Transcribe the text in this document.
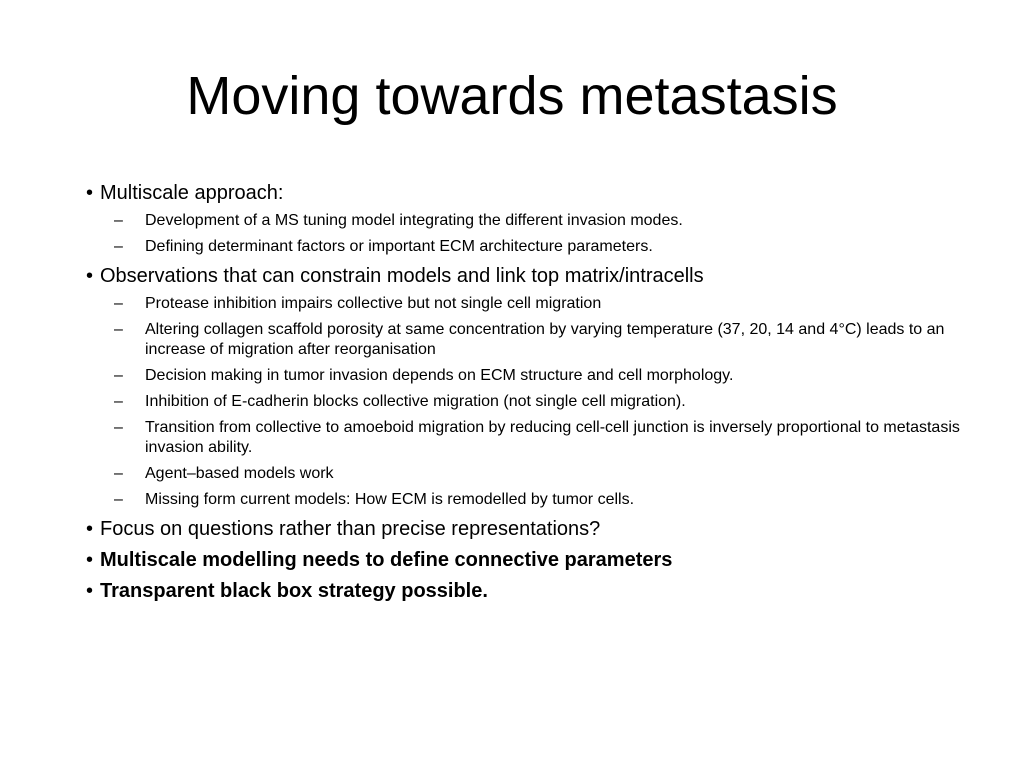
Moving towards metastasis
• Multiscale approach:
– Development of a MS tuning model integrating the different invasion modes.
– Defining determinant factors or important ECM architecture parameters.
• Observations that can constrain models and link top matrix/intracells
– Protease inhibition impairs collective but not single cell migration
– Altering collagen scaffold porosity at same concentration by varying temperature (37, 20, 14 and 4°C) leads to an increase of migration after reorganisation
– Decision making in tumor invasion depends on ECM structure and cell morphology.
– Inhibition of E-cadherin blocks collective migration (not single cell migration).
– Transition from collective to amoeboid migration by reducing cell-cell junction is inversely proportional to metastasis invasion ability.
– Agent–based models work
– Missing form current models: How ECM is remodelled by tumor cells.
• Focus on questions rather than precise representations?
• Multiscale modelling needs to define connective parameters
• Transparent black box strategy possible.
